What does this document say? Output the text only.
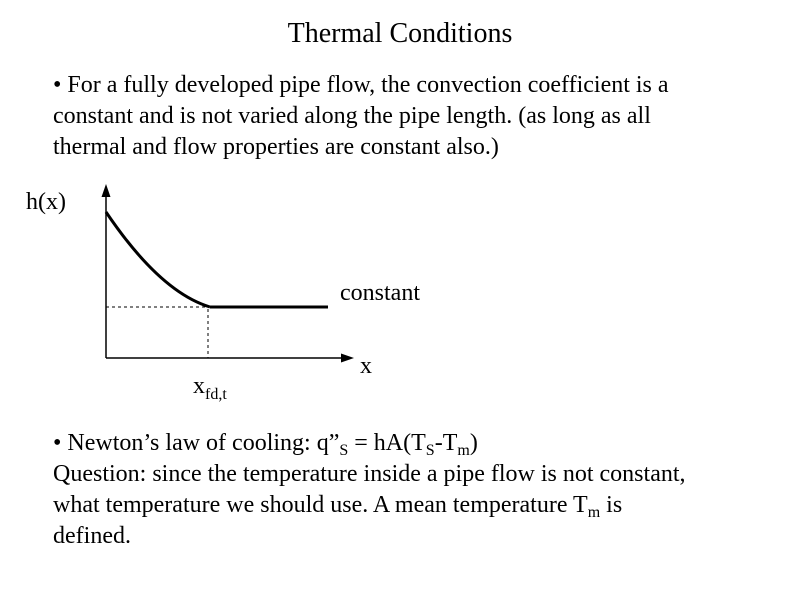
Thermal Conditions
• For a fully developed pipe flow, the convection coefficient is a
constant and is not varied along the pipe length. (as long as all
thermal and flow properties are constant also.)
h(x)
constant
x
$x_{fd,t}$
• Newton’s law of cooling: $q”_S = hA(T_S-T_m)$
Question: since the temperature inside a pipe flow is not constant,
what temperature we should use. A mean temperature $T_m$ is
defined.
